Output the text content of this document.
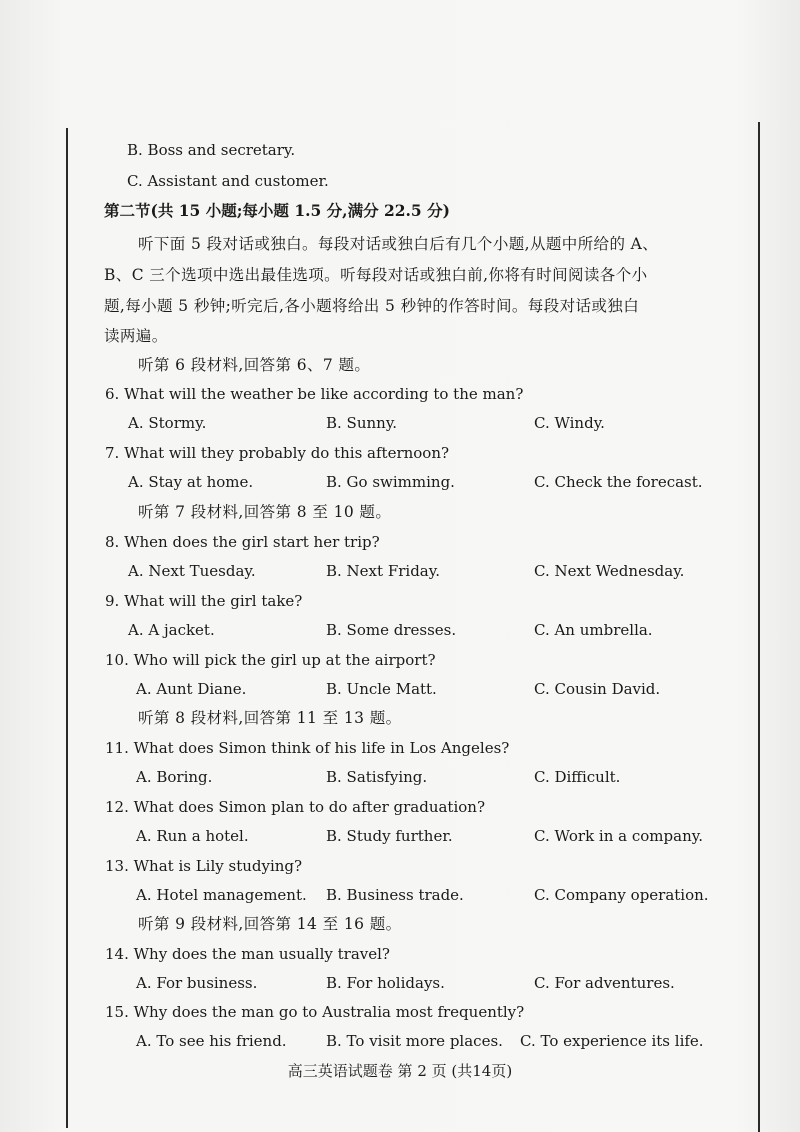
B. Boss and secretary.
C. Assistant and customer.
第二节(共 15 小题;每小题 1.5 分,满分 22.5 分)
听下面 5 段对话或独白。每段对话或独白后有几个小题,从题中所给的 A、
B、C 三个选项中选出最佳选项。听每段对话或独白前,你将有时间阅读各个小
题,每小题 5 秒钟;听完后,各小题将给出 5 秒钟的作答时间。每段对话或独白
读两遍。
听第 6 段材料,回答第 6、7 题。
6. What will the weather be like according to the man?
A. Stormy.	B. Sunny.	C. Windy.
7. What will they probably do this afternoon?
A. Stay at home.	B. Go swimming.	C. Check the forecast.
听第 7 段材料,回答第 8 至 10 题。
8. When does the girl start her trip?
A. Next Tuesday.	B. Next Friday.	C. Next Wednesday.
9. What will the girl take?
A. A jacket.	B. Some dresses.	C. An umbrella.
10. Who will pick the girl up at the airport?
A. Aunt Diane.	B. Uncle Matt.	C. Cousin David.
听第 8 段材料,回答第 11 至 13 题。
11. What does Simon think of his life in Los Angeles?
A. Boring.	B. Satisfying.	C. Difficult.
12. What does Simon plan to do after graduation?
A. Run a hotel.	B. Study further.	C. Work in a company.
13. What is Lily studying?
A. Hotel management. B. Business trade.	C. Company operation.
听第 9 段材料,回答第 14 至 16 题。
14. Why does the man usually travel?
A. For business.	B. For holidays.	C. For adventures.
15. Why does the man go to Australia most frequently?
A. To see his friend.	B. To visit more places. C. To experience its life.
高三英语试题卷 第 2 页 (共14页)
